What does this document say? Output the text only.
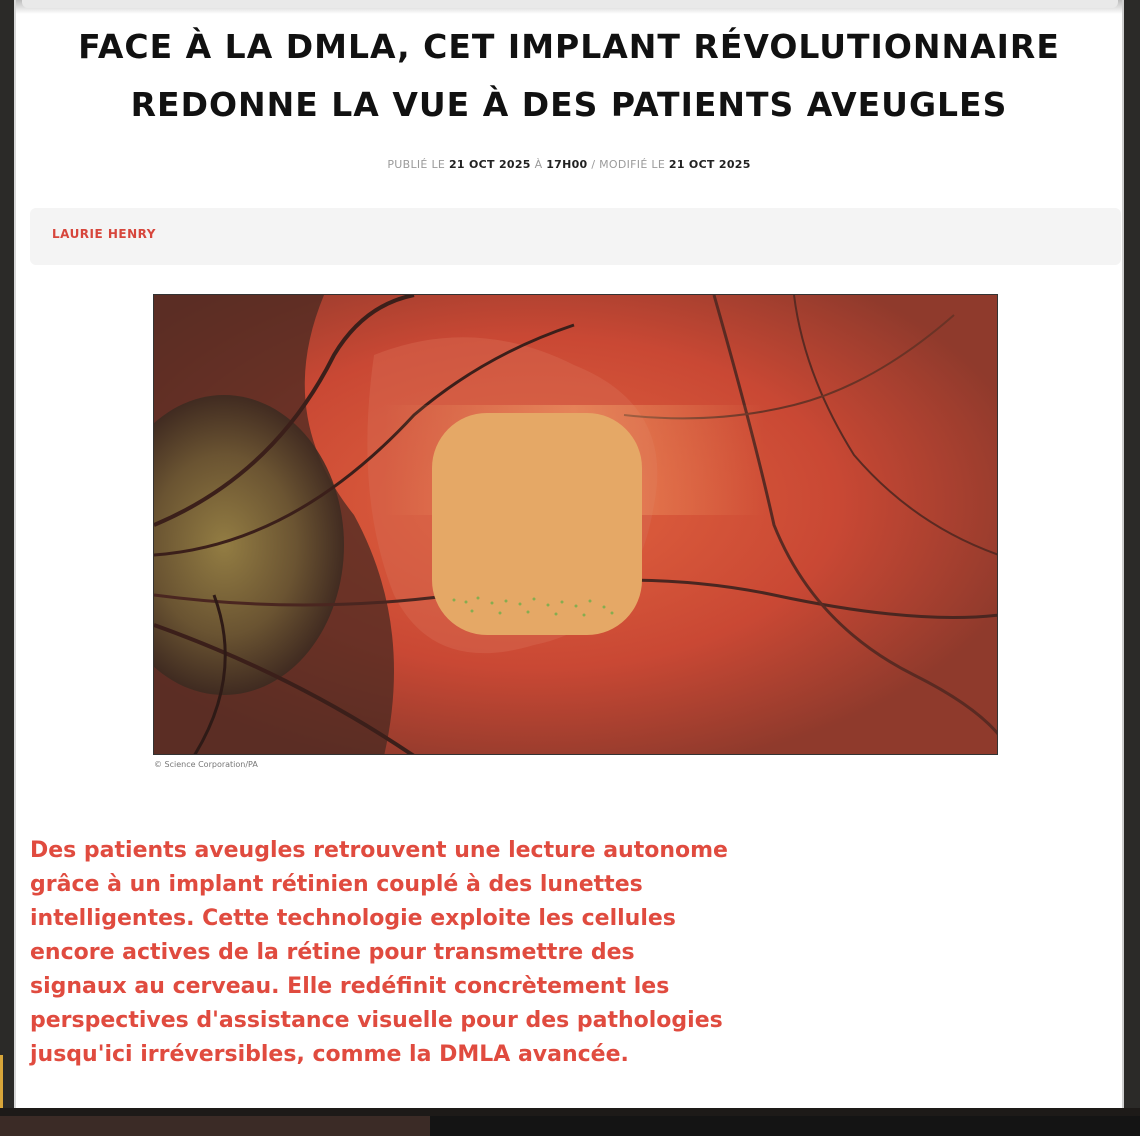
FACE À LA DMLA, CET IMPLANT RÉVOLUTIONNAIRE
REDONNE LA VUE À DES PATIENTS AVEUGLES
PUBLIÉ LE 21 OCT 2025 À 17H00 / MODIFIÉ LE 21 OCT 2025
LAURIE HENRY
© Science Corporation/PA

Des patients aveugles retrouvent une lecture autonome grâce à un implant rétinien couplé à des lunettes intelligentes. Cette technologie exploite les cellules encore actives de la rétine pour transmettre des signaux au cerveau. Elle redéfinit concrètement les perspectives d'assistance visuelle pour des pathologies jusqu'ici irréversibles, comme la DMLA avancée.
